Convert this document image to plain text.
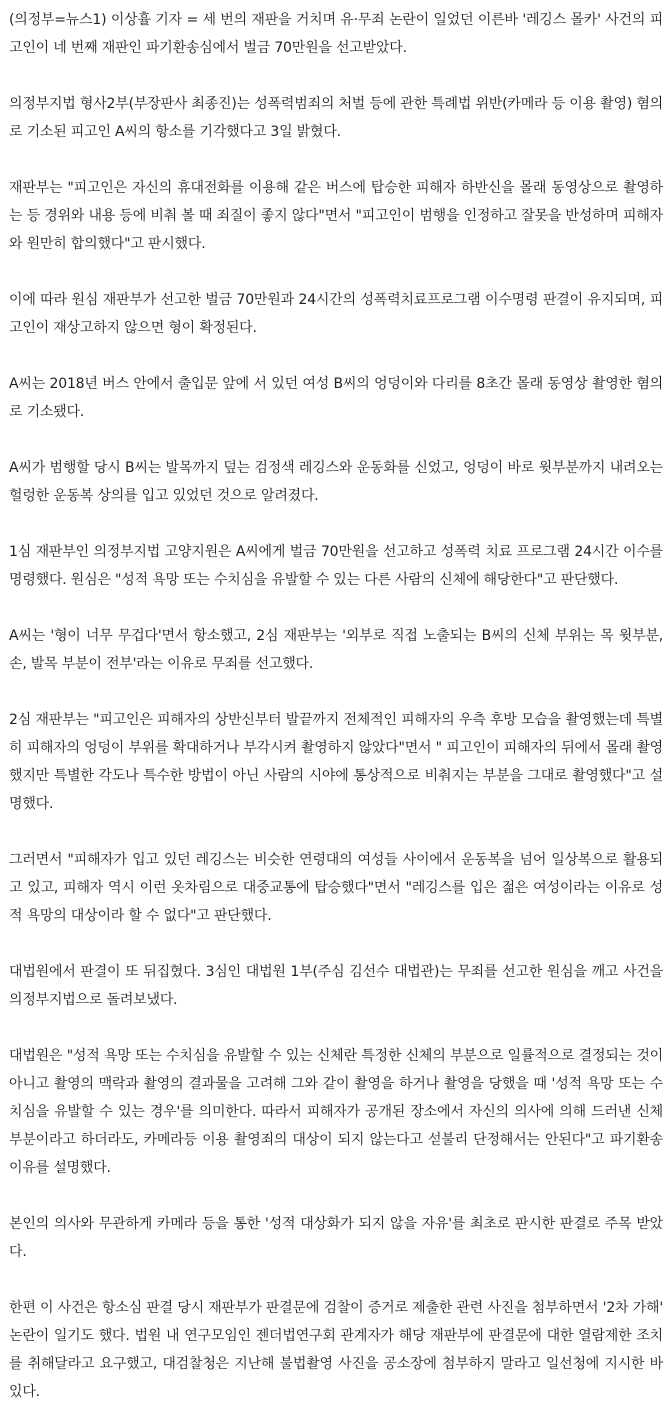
(의정부=뉴스1) 이상휼 기자 = 세 번의 재판을 거치며 유·무죄 논란이 일었던 이른바 '레깅스 몰카' 사건의 피고인이 네 번째 재판인 파기환송심에서 벌금 70만원을 선고받았다.

의정부지법 형사2부(부장판사 최종진)는 성폭력범죄의 처벌 등에 관한 특례법 위반(카메라 등 이용 촬영) 혐의로 기소된 피고인 A씨의 항소를 기각했다고 3일 밝혔다.

재판부는 "피고인은 자신의 휴대전화를 이용해 같은 버스에 탑승한 피해자 하반신을 몰래 동영상으로 촬영하는 등 경위와 내용 등에 비춰 볼 때 죄질이 좋지 않다"면서 "피고인이 범행을 인정하고 잘못을 반성하며 피해자와 원만히 합의했다"고 판시했다.

이에 따라 원심 재판부가 선고한 벌금 70만원과 24시간의 성폭력치료프로그램 이수명령 판결이 유지되며, 피고인이 재상고하지 않으면 형이 확정된다.

A씨는 2018년 버스 안에서 출입문 앞에 서 있던 여성 B씨의 엉덩이와 다리를 8초간 몰래 동영상 촬영한 혐의로 기소됐다.

A씨가 범행할 당시 B씨는 발목까지 덮는 검정색 레깅스와 운동화를 신었고, 엉덩이 바로 윗부분까지 내려오는 헐렁한 운동복 상의를 입고 있었던 것으로 알려졌다.

1심 재판부인 의정부지법 고양지원은 A씨에게 벌금 70만원을 선고하고 성폭력 치료 프로그램 24시간 이수를 명령했다. 원심은 "성적 욕망 또는 수치심을 유발할 수 있는 다른 사람의 신체에 해당한다"고 판단했다.

A씨는 '형이 너무 무겁다'면서 항소했고, 2심 재판부는 '외부로 직접 노출되는 B씨의 신체 부위는 목 윗부분, 손, 발목 부분이 전부'라는 이유로 무죄를 선고했다.

2심 재판부는 "피고인은 피해자의 상반신부터 발끝까지 전체적인 피해자의 우측 후방 모습을 촬영했는데 특별히 피해자의 엉덩이 부위를 확대하거나 부각시켜 촬영하지 않았다"면서 " 피고인이 피해자의 뒤에서 몰래 촬영했지만 특별한 각도나 특수한 방법이 아닌 사람의 시야에 통상적으로 비춰지는 부분을 그대로 촬영했다"고 설명했다.

그러면서 "피해자가 입고 있던 레깅스는 비슷한 연령대의 여성들 사이에서 운동복을 넘어 일상복으로 활용되고 있고, 피해자 역시 이런 옷차림으로 대중교통에 탑승했다"면서 "레깅스를 입은 젊은 여성이라는 이유로 성적 욕망의 대상이라 할 수 없다"고 판단했다.

대법원에서 판결이 또 뒤집혔다. 3심인 대법원 1부(주심 김선수 대법관)는 무죄를 선고한 원심을 깨고 사건을 의정부지법으로 돌려보냈다.

대법원은 "성적 욕망 또는 수치심을 유발할 수 있는 신체란 특정한 신체의 부분으로 일률적으로 결정되는 것이 아니고 촬영의 맥락과 촬영의 결과물을 고려해 그와 같이 촬영을 하거나 촬영을 당했을 때 '성적 욕망 또는 수치심을 유발할 수 있는 경우'를 의미한다. 따라서 피해자가 공개된 장소에서 자신의 의사에 의해 드러낸 신체 부분이라고 하더라도, 카메라등 이용 촬영죄의 대상이 되지 않는다고 섣불리 단정해서는 안된다"고 파기환송 이유를 설명했다.

본인의 의사와 무관하게 카메라 등을 통한 '성적 대상화가 되지 않을 자유'를 최초로 판시한 판결로 주목 받았다.

한편 이 사건은 항소심 판결 당시 재판부가 판결문에 검찰이 증거로 제출한 관련 사진을 첨부하면서 '2차 가해' 논란이 일기도 했다. 법원 내 연구모임인 젠더법연구회 관계자가 해당 재판부에 판결문에 대한 열람제한 조치를 취해달라고 요구했고, 대검찰청은 지난해 불법촬영 사진을 공소장에 첨부하지 말라고 일선청에 지시한 바 있다.
